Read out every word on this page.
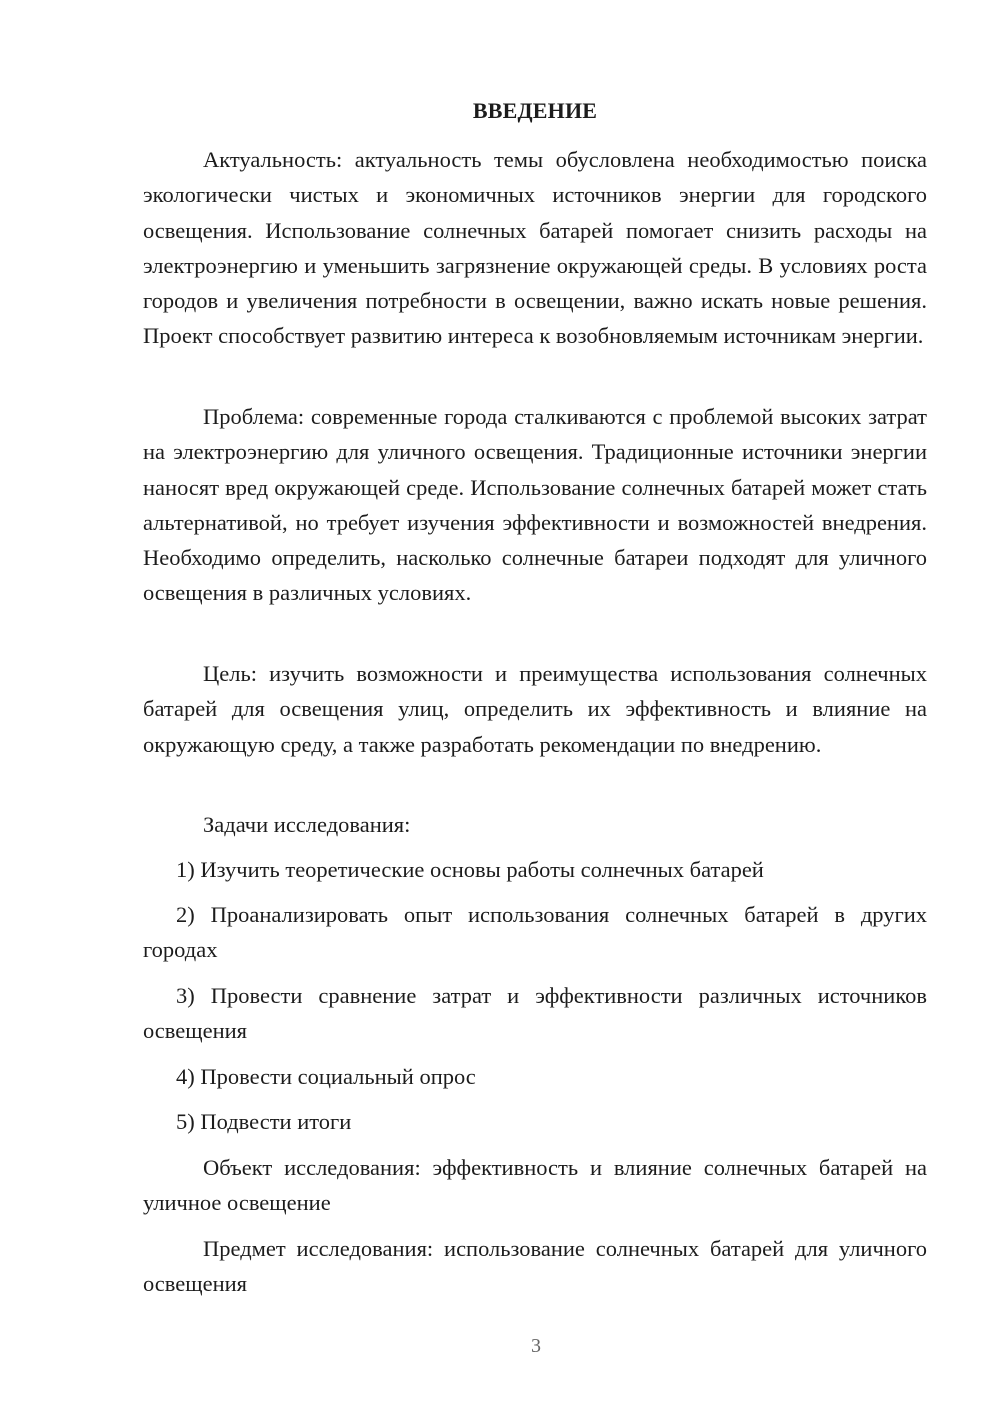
ВВЕДЕНИЕ

Актуальность: актуальность темы обусловлена необходимостью поиска экологически чистых и экономичных источников энергии для городского освещения. Использование солнечных батарей помогает снизить расходы на электроэнергию и уменьшить загрязнение окружающей среды. В условиях роста городов и увеличения потребности в освещении, важно искать новые решения. Проект способствует развитию интереса к возобновляемым источникам энергии.

Проблема: современные города сталкиваются с проблемой высоких затрат на электроэнергию для уличного освещения. Традиционные источники энергии наносят вред окружающей среде. Использование солнечных батарей может стать альтернативой, но требует изучения эффективности и возможностей внедрения. Необходимо определить, насколько солнечные батареи подходят для уличного освещения в различных условиях.

Цель: изучить возможности и преимущества использования солнечных батарей для освещения улиц, определить их эффективность и влияние на окружающую среду, а также разработать рекомендации по внедрению.

Задачи исследования:

1) Изучить теоретические основы работы солнечных батарей

2) Проанализировать опыт использования солнечных батарей в других городах

3) Провести сравнение затрат и эффективности различных источников освещения

4) Провести социальный опрос

5) Подвести итоги

Объект исследования: эффективность и влияние солнечных батарей на уличное освещение

Предмет исследования: использование солнечных батарей для уличного освещения

3
